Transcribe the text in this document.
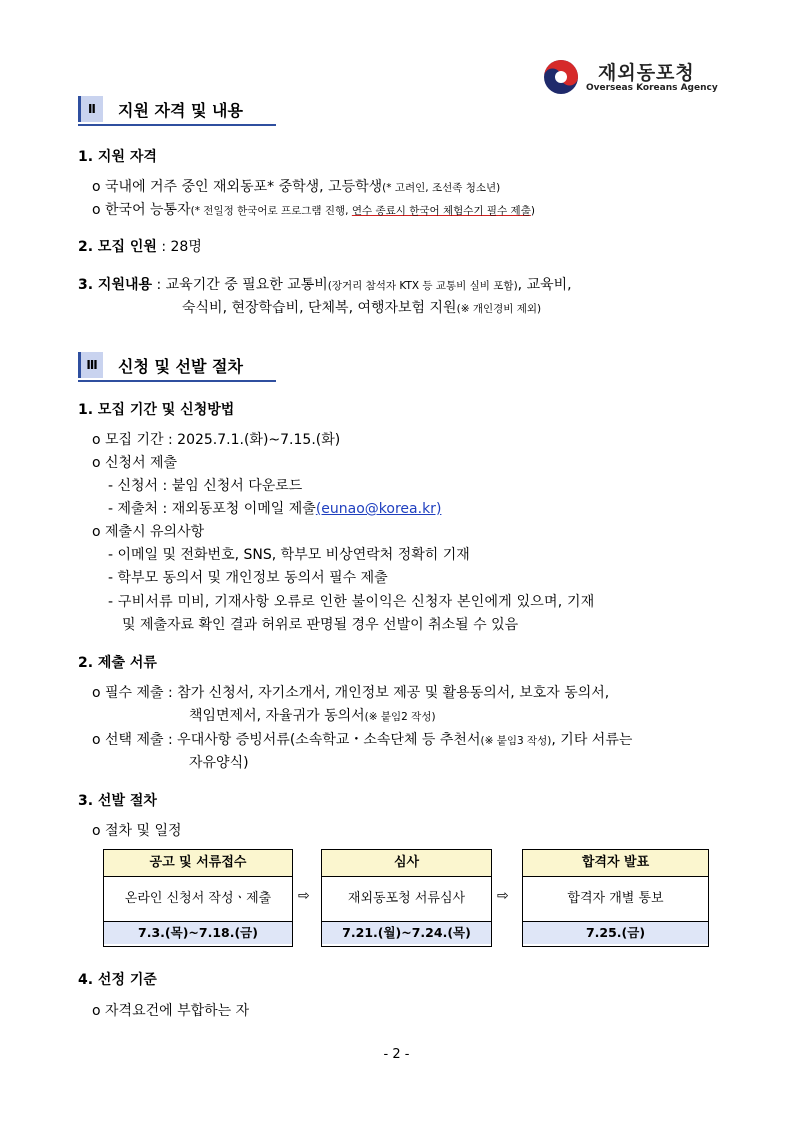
재외동포청
Overseas Koreans Agency
Ⅱ	지원 자격 및 내용
1. 지원 자격
o 국내에 거주 중인 재외동포* 중학생, 고등학생(* 고려인, 조선족 청소년)
o 한국어 능통자(* 전일정 한국어로 프로그램 진행, 연수 종료시 한국어 체험수기 필수 제출)
2. 모집 인원 : 28명
3. 지원내용 : 교육기간 중 필요한 교통비(장거리 참석자 KTX 등 교통비 실비 포함), 교육비,
숙식비, 현장학습비, 단체복, 여행자보험 지원(※ 개인경비 제외)
Ⅲ	신청 및 선발 절차
1. 모집 기간 및 신청방법
o 모집 기간 : 2025.7.1.(화)~7.15.(화)
o 신청서 제출
- 신청서 : 붙임 신청서 다운로드
- 제출처 : 재외동포청 이메일 제출(eunao@korea.kr)
o 제출시 유의사항
- 이메일 및 전화번호, SNS, 학부모 비상연락처 정확히 기재
- 학부모 동의서 및 개인정보 동의서 필수 제출
- 구비서류 미비, 기재사항 오류로 인한 불이익은 신청자 본인에게 있으며, 기재
및 제출자료 확인 결과 허위로 판명될 경우 선발이 취소될 수 있음
2. 제출 서류
o 필수 제출 : 참가 신청서, 자기소개서, 개인정보 제공 및 활용동의서, 보호자 동의서,
책임면제서, 자율귀가 동의서(※ 붙임2 작성)
o 선택 제출 : 우대사항 증빙서류(소속학교・소속단체 등 추천서(※ 붙임3 작성), 기타 서류는
자유양식)
3. 선발 절차
o 절차 및 일정
공고 및 서류접수
온라인 신청서 작성ㆍ제출
7.3.(목)~7.18.(금)
⇨
심사
재외동포청 서류심사
7.21.(월)~7.24.(목)
⇨
합격자 발표
합격자 개별 통보
7.25.(금)
4. 선정 기준
o 자격요건에 부합하는 자
- 2 -
